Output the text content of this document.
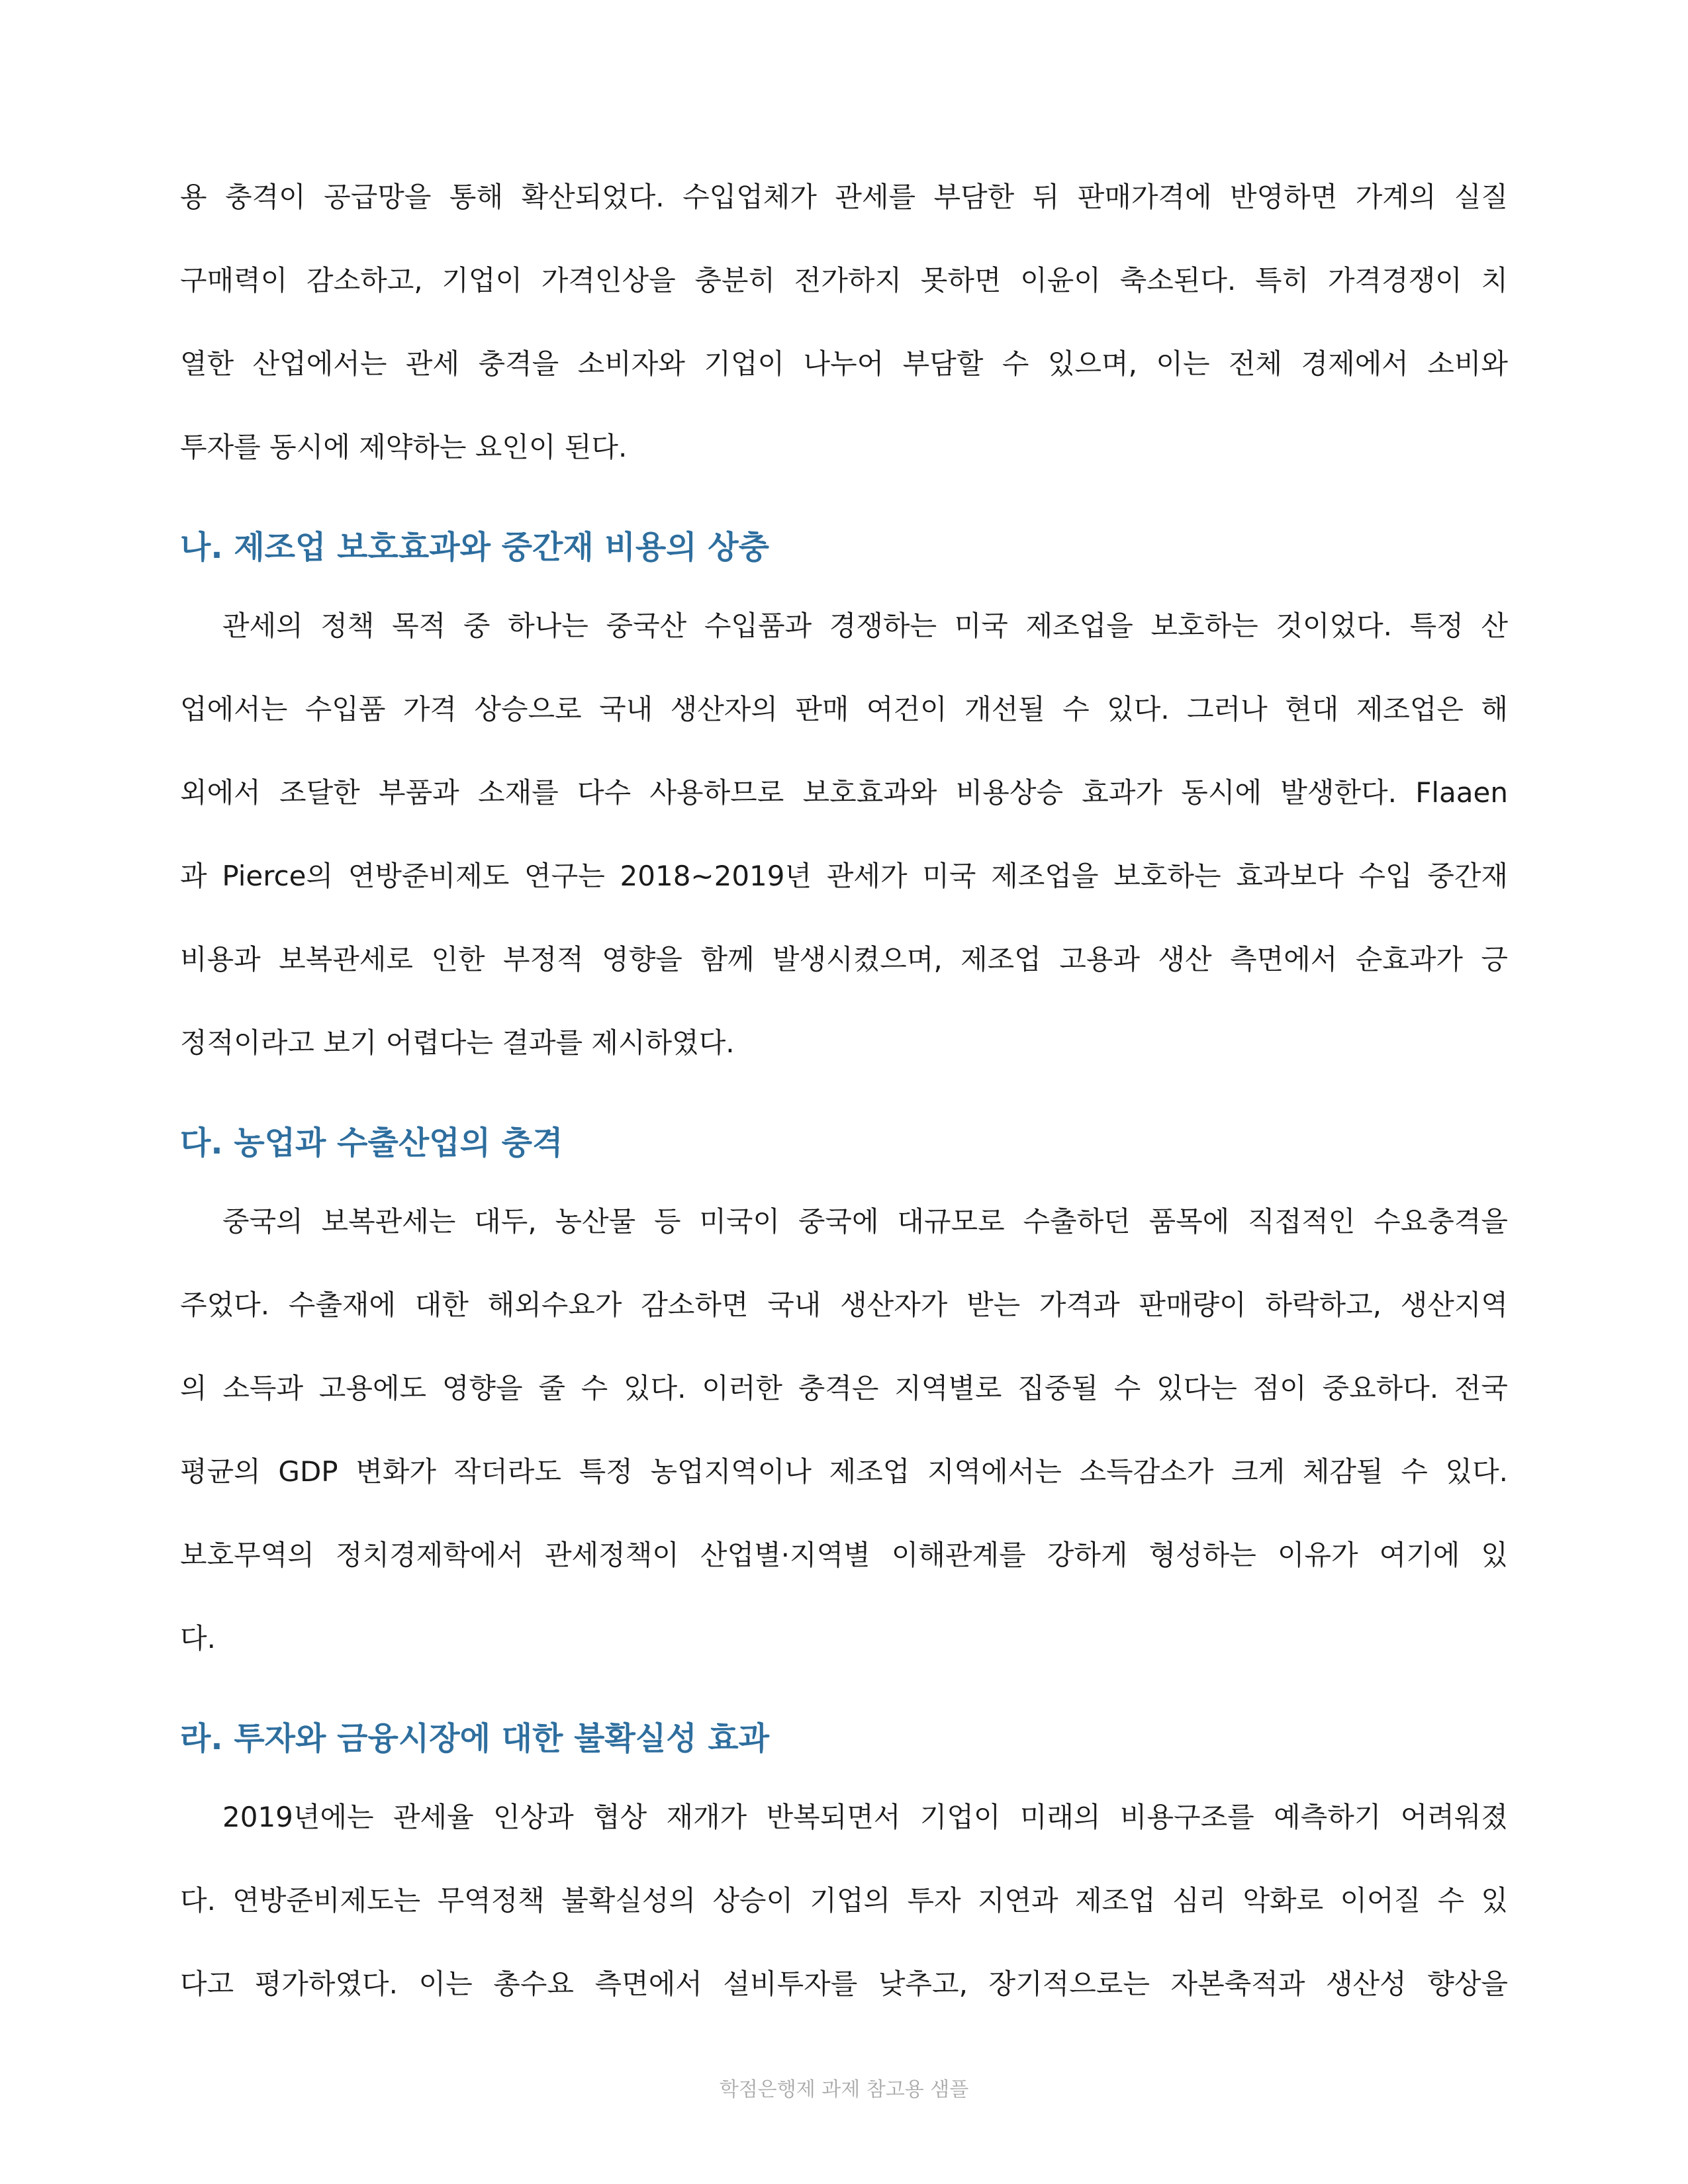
용 충격이 공급망을 통해 확산되었다. 수입업체가 관세를 부담한 뒤 판매가격에 반영하면 가계의 실질
구매력이 감소하고, 기업이 가격인상을 충분히 전가하지 못하면 이윤이 축소된다. 특히 가격경쟁이 치
열한 산업에서는 관세 충격을 소비자와 기업이 나누어 부담할 수 있으며, 이는 전체 경제에서 소비와
투자를 동시에 제약하는 요인이 된다.
나. 제조업 보호효과와 중간재 비용의 상충
관세의 정책 목적 중 하나는 중국산 수입품과 경쟁하는 미국 제조업을 보호하는 것이었다. 특정 산
업에서는 수입품 가격 상승으로 국내 생산자의 판매 여건이 개선될 수 있다. 그러나 현대 제조업은 해
외에서 조달한 부품과 소재를 다수 사용하므로 보호효과와 비용상승 효과가 동시에 발생한다. Flaaen
과 Pierce의 연방준비제도 연구는 2018~2019년 관세가 미국 제조업을 보호하는 효과보다 수입 중간재
비용과 보복관세로 인한 부정적 영향을 함께 발생시켰으며, 제조업 고용과 생산 측면에서 순효과가 긍
정적이라고 보기 어렵다는 결과를 제시하였다.
다. 농업과 수출산업의 충격
중국의 보복관세는 대두, 농산물 등 미국이 중국에 대규모로 수출하던 품목에 직접적인 수요충격을
주었다. 수출재에 대한 해외수요가 감소하면 국내 생산자가 받는 가격과 판매량이 하락하고, 생산지역
의 소득과 고용에도 영향을 줄 수 있다. 이러한 충격은 지역별로 집중될 수 있다는 점이 중요하다. 전국
평균의 GDP 변화가 작더라도 특정 농업지역이나 제조업 지역에서는 소득감소가 크게 체감될 수 있다.
보호무역의 정치경제학에서 관세정책이 산업별·지역별 이해관계를 강하게 형성하는 이유가 여기에 있
다.
라. 투자와 금융시장에 대한 불확실성 효과
2019년에는 관세율 인상과 협상 재개가 반복되면서 기업이 미래의 비용구조를 예측하기 어려워졌
다. 연방준비제도는 무역정책 불확실성의 상승이 기업의 투자 지연과 제조업 심리 악화로 이어질 수 있
다고 평가하였다. 이는 총수요 측면에서 설비투자를 낮추고, 장기적으로는 자본축적과 생산성 향상을
학점은행제 과제 참고용 샘플
